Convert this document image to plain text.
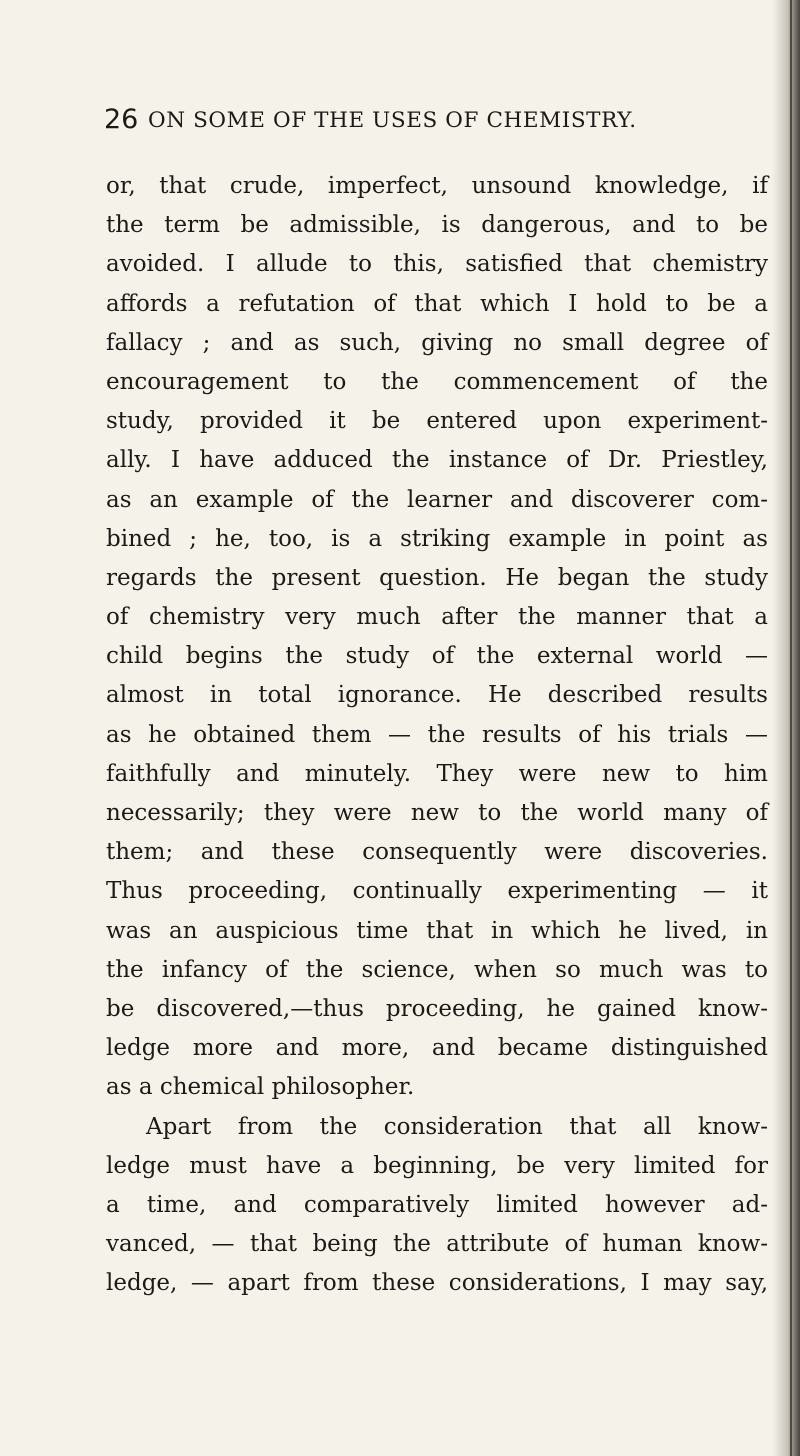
26 ON SOME OF THE USES OF CHEMISTRY.
or, that crude, imperfect, unsound knowledge, if
the term be admissible, is dangerous, and to be
avoided. I allude to this, satisfied that chemistry
affords a refutation of that which I hold to be a
fallacy ; and as such, giving no small degree of
encouragement to the commencement of the
study, provided it be entered upon experiment-
ally. I have adduced the instance of Dr. Priestley,
as an example of the learner and discoverer com-
bined ; he, too, is a striking example in point as
regards the present question. He began the study
of chemistry very much after the manner that a
child begins the study of the external world —
almost in total ignorance. He described results
as he obtained them — the results of his trials —
faithfully and minutely. They were new to him
necessarily; they were new to the world many of
them; and these consequently were discoveries.
Thus proceeding, continually experimenting — it
was an auspicious time that in which he lived, in
the infancy of the science, when so much was to
be discovered,—thus proceeding, he gained know-
ledge more and more, and became distinguished
as a chemical philosopher.
Apart from the consideration that all know-
ledge must have a beginning, be very limited for
a time, and comparatively limited however ad-
vanced, — that being the attribute of human know-
ledge, — apart from these considerations, I may say,
